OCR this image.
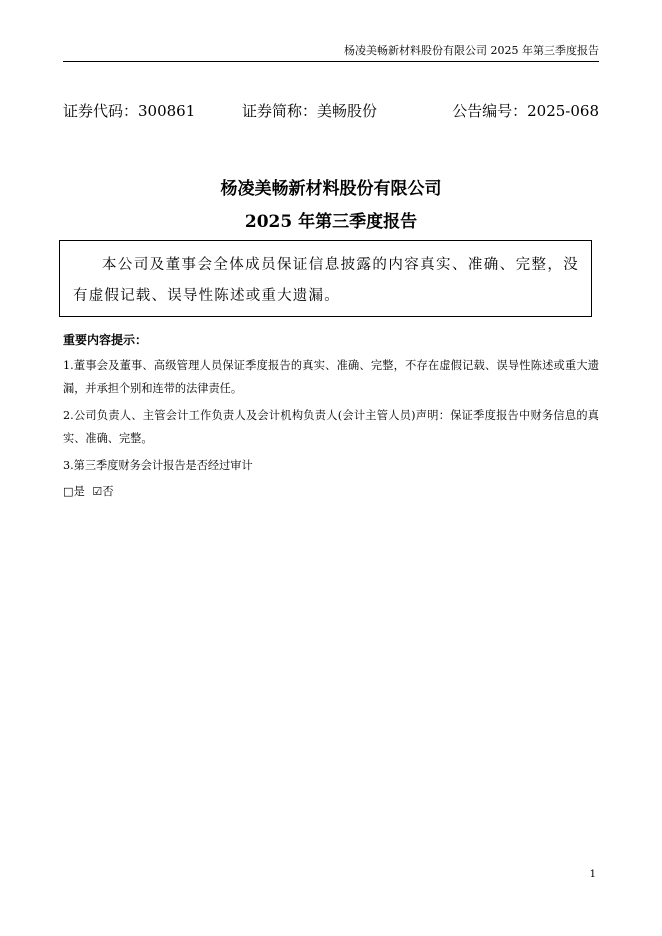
杨凌美畅新材料股份有限公司 2025 年第三季度报告
证券代码：300861	证券简称：美畅股份	公告编号：2025-068
杨凌美畅新材料股份有限公司
2025 年第三季度报告
本公司及董事会全体成员保证信息披露的内容真实、准确、完整，没有虚假记载、误导性陈述或重大遗漏。
重要内容提示：
1.董事会及董事、高级管理人员保证季度报告的真实、准确、完整，不存在虚假记载、误导性陈述或重大遗漏，并承担个别和连带的法律责任。
2.公司负责人、主管会计工作负责人及会计机构负责人(会计主管人员)声明：保证季度报告中财务信息的真实、准确、完整。
3.第三季度财务会计报告是否经过审计
□是 ☑否
1
